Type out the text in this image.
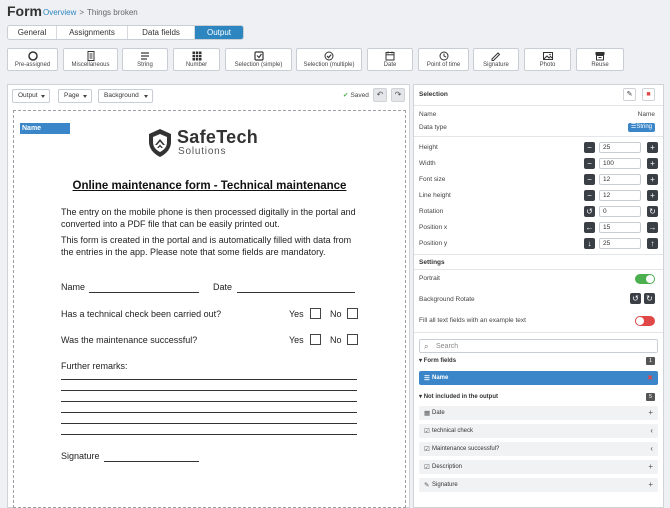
Form Overview > Things broken
General	Assignments	Data fields	Output
Pre-assigned	Miscellaneous	String	Number	Selection (simple)	Selection (multiple)	Date	Point of time	Signature	Photo	Reuse
Output	Page	Background	✔ Saved ↶	↷
Name	SafeTech
Solutions
Online maintenance form - Technical maintenance
The entry on the mobile phone is then processed digitally in the portal and converted into a PDF file that can be easily printed out.
This form is created in the portal and is automatically filled with data from the entries in the app. Please note that some fields are mandatory.
Name	Date
Has a technical check been carried out?	Yes	No
Was the maintenance successful?	Yes	No
Further remarks:
Signature
Selection	✎	■
Name	Name
Data type	☰String
Height	−	25	+
Width	−	100	+
Font size	−	12	+
Line height	−	12	+
Rotation	↺	0	↻
Position x	←	15	→
Position y	↓	25	↑
Settings
Portrait
Background Rotate	↺ ↻
Fill all text fields with an example text
⌕ Search
▾ Form fields	1
☰ Name	✖
▾ Not included in the output	5
▦ Date	+
☑ technical check	‹
☑ Maintenance successful?	‹
☑ Description	+
✎ Signature	+
